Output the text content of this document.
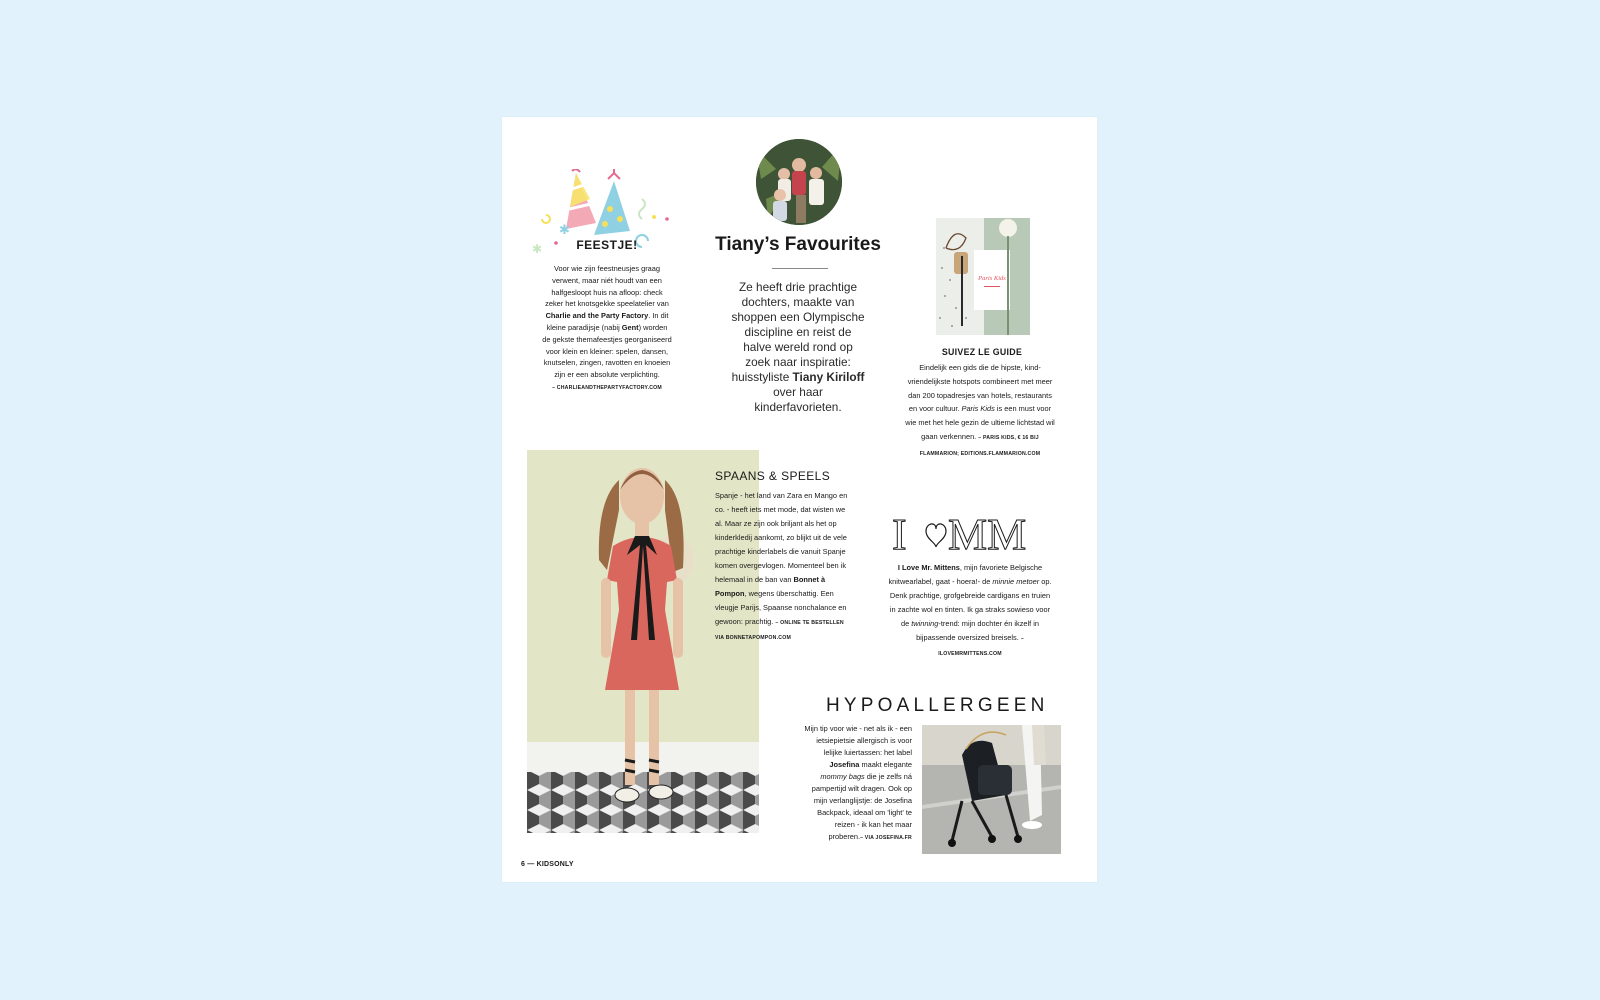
✱
✱	FEESTJE!
Voor wie zijn feestneusjes graag verwent, maar niét houdt van een halfgesloopt huis na afloop: check zeker het knotsgekke speelatelier van Charlie and the Party Factory. In dit kleine paradijsje (nabij Gent) worden de gekste themafeestjes georganiseerd voor klein en kleiner: spelen, dansen, knutselen, zingen, ravotten en knoeien zijn er een absolute verplichting.
– CHARLIEANDTHEPARTYFACTORY.COM
Tiany’s Favourites
Ze heeft drie prachtige dochters, maakte van shoppen een Olympische discipline en reist de halve wereld rond op zoek naar inspiratie: huisstyliste Tiany Kiriloff over haar kinderfavorieten.
Paris Kids
SUIVEZ LE GUIDE
Eindelijk een gids die de hipste, kindvriendelijkste hotspots combineert met meer dan 200 topadresjes van hotels, restaurants en voor cultuur. Paris Kids is een must voor wie met het hele gezin de ultieme lichtstad wil gaan verkennen. – PARIS KIDS, € 16 BIJ FLAMMARION; EDITIONS.FLAMMARION.COM
SPAANS & SPEELS
Spanje - het land van Zara en Mango en co. - heeft iets met mode, dat wisten we al. Maar ze zijn ook briljant als het op kinderkledij aankomt, zo blijkt uit de vele prachtige kinderlabels die vanuit Spanje komen overgevlogen. Momenteel ben ik helemaal in de ban van Bonnet à Pompon, wegens überschattig. Een vleugje Parijs, Spaanse nonchalance en gewoon: prachtig. – ONLINE TE BESTELLEN VIA BONNETAPOMPON.COM
I MM
I Love Mr. Mittens, mijn favoriete Belgische knitwearlabel, gaat - hoera!- de minnie metoer op. Denk prachtige, grofgebreide cardigans en truien in zachte wol en tinten. Ik ga straks sowieso voor de twinning-trend: mijn dochter én ikzelf in bijpassende oversized breisels. – ILOVEMRMITTENS.COM
HYPOALLERGEEN
Mijn tip voor wie - net als ik - een ietsiepietsie allergisch is voor lelijke luiertassen: het label Josefina maakt elegante mommy bags die je zelfs ná pampertijd wilt dragen. Ook op mijn verlanglijstje: de Josefina Backpack, ideaal om 'light' te reizen - ik kan het maar proberen.– VIA JOSEFINA.FR
6 — KIDSONLY
